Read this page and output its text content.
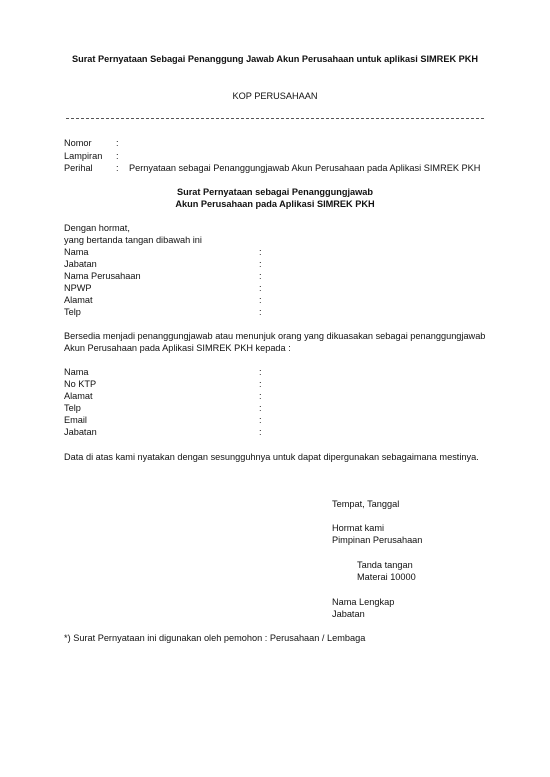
Surat Pernyataan Sebagai Penanggung Jawab Akun Perusahaan untuk aplikasi SIMREK PKH
KOP PERUSAHAAN
Nomor	:
Lampiran :
Perihal	: Pernyataan sebagai Penanggungjawab Akun Perusahaan pada Aplikasi SIMREK PKH
Surat Pernyataan sebagai Penanggungjawab
Akun Perusahaan pada Aplikasi SIMREK PKH
Dengan hormat,
yang bertanda tangan dibawah ini
Nama	:
Jabatan	:
Nama Perusahaan	:
NPWP	:
Alamat	:
Telp	:
Bersedia menjadi penanggungjawab atau menunjuk orang yang dikuasakan sebagai penanggungjawab
Akun Perusahaan pada Aplikasi SIMREK PKH kepada :
Nama	:
No KTP	:
Alamat	:
Telp	:
Email	:
Jabatan	:
Data di atas kami nyatakan dengan sesungguhnya untuk dapat dipergunakan sebagaimana mestinya.
Tempat, Tanggal
Hormat kami
Pimpinan Perusahaan
Tanda tangan
Materai 10000
Nama Lengkap
Jabatan
*) Surat Pernyataan ini digunakan oleh pemohon : Perusahaan / Lembaga
